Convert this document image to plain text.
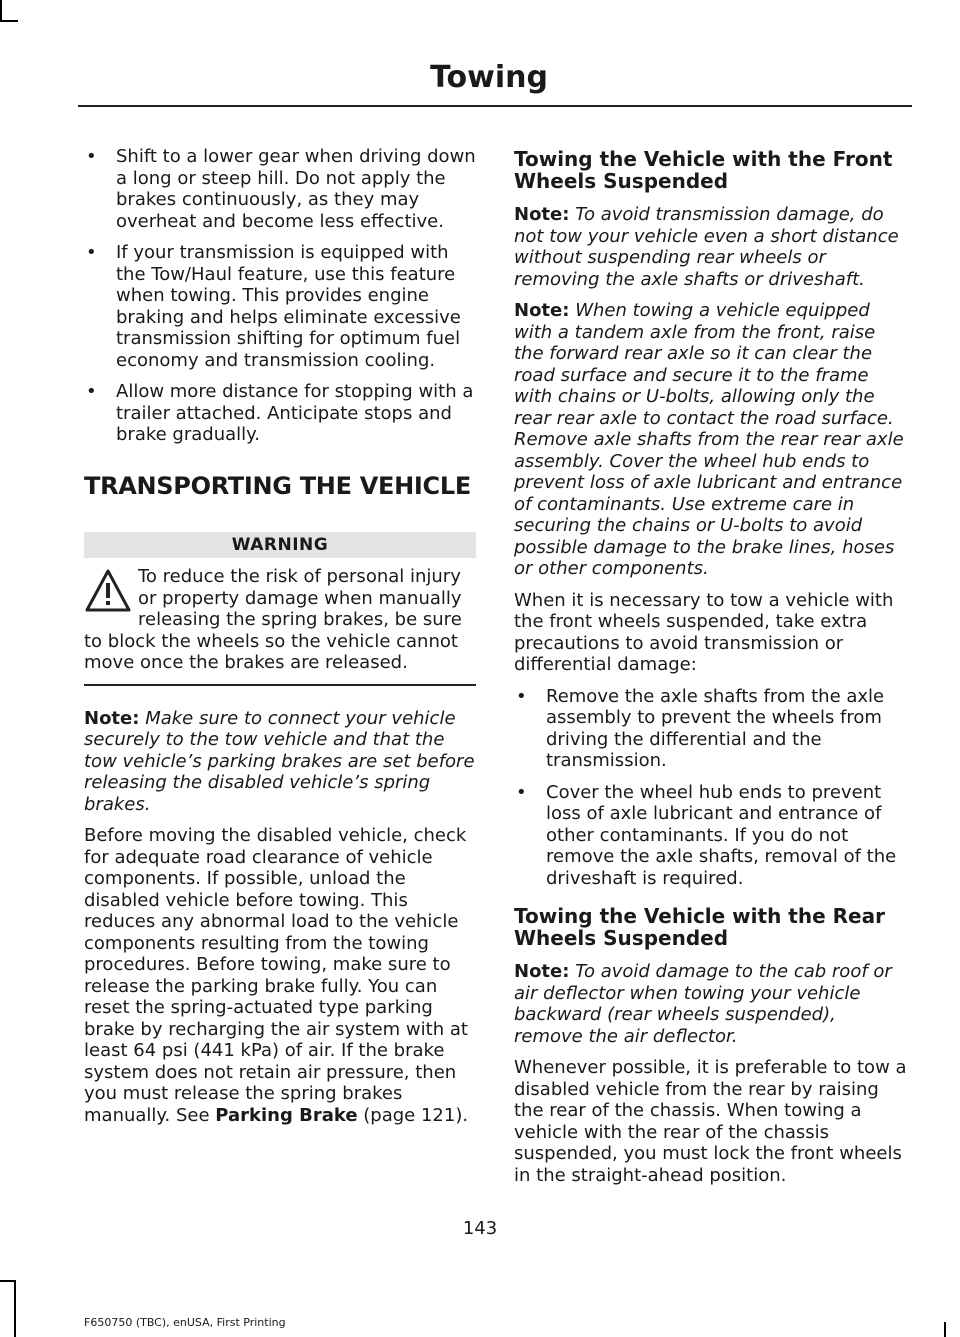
Towing
• Shift to a lower gear when driving down a long or steep hill. Do not apply the brakes continuously, as they may overheat and become less effective.
• If your transmission is equipped with the Tow/Haul feature, use this feature when towing. This provides engine braking and helps eliminate excessive transmission shifting for optimum fuel economy and transmission cooling.
• Allow more distance for stopping with a trailer attached. Anticipate stops and brake gradually.
TRANSPORTING THE VEHICLE
WARNING
To reduce the risk of personal injury or property damage when manually releasing the spring brakes, be sure to block the wheels so the vehicle cannot move once the brakes are released.

Note: Make sure to connect your vehicle securely to the tow vehicle and that the tow vehicle’s parking brakes are set before releasing the disabled vehicle’s spring brakes.

Before moving the disabled vehicle, check for adequate road clearance of vehicle components. If possible, unload the disabled vehicle before towing. This reduces any abnormal load to the vehicle components resulting from the towing procedures. Before towing, make sure to release the parking brake fully. You can reset the spring-actuated type parking brake by recharging the air system with at least 64 psi (441 kPa) of air. If the brake system does not retain air pressure, then you must release the spring brakes manually. See Parking Brake (page 121).

Towing the Vehicle with the Front Wheels Suspended

Note: To avoid transmission damage, do not tow your vehicle even a short distance without suspending rear wheels or removing the axle shafts or driveshaft.

Note: When towing a vehicle equipped with a tandem axle from the front, raise the forward rear axle so it can clear the road surface and secure it to the frame with chains or U-bolts, allowing only the rear rear axle to contact the road surface. Remove axle shafts from the rear rear axle assembly. Cover the wheel hub ends to prevent loss of axle lubricant and entrance of contaminants. Use extreme care in securing the chains or U-bolts to avoid possible damage to the brake lines, hoses or other components.

When it is necessary to tow a vehicle with the front wheels suspended, take extra precautions to avoid transmission or differential damage:

• Remove the axle shafts from the axle assembly to prevent the wheels from driving the differential and the transmission.
• Cover the wheel hub ends to prevent loss of axle lubricant and entrance of other contaminants. If you do not remove the axle shafts, removal of the driveshaft is required.
Towing the Vehicle with the Rear Wheels Suspended

Note: To avoid damage to the cab roof or air deflector when towing your vehicle backward (rear wheels suspended), remove the air deflector.

Whenever possible, it is preferable to tow a disabled vehicle from the rear by raising the rear of the chassis. When towing a vehicle with the rear of the chassis suspended, you must lock the front wheels in the straight-ahead position.

143
F650750 (TBC), enUSA, First Printing
